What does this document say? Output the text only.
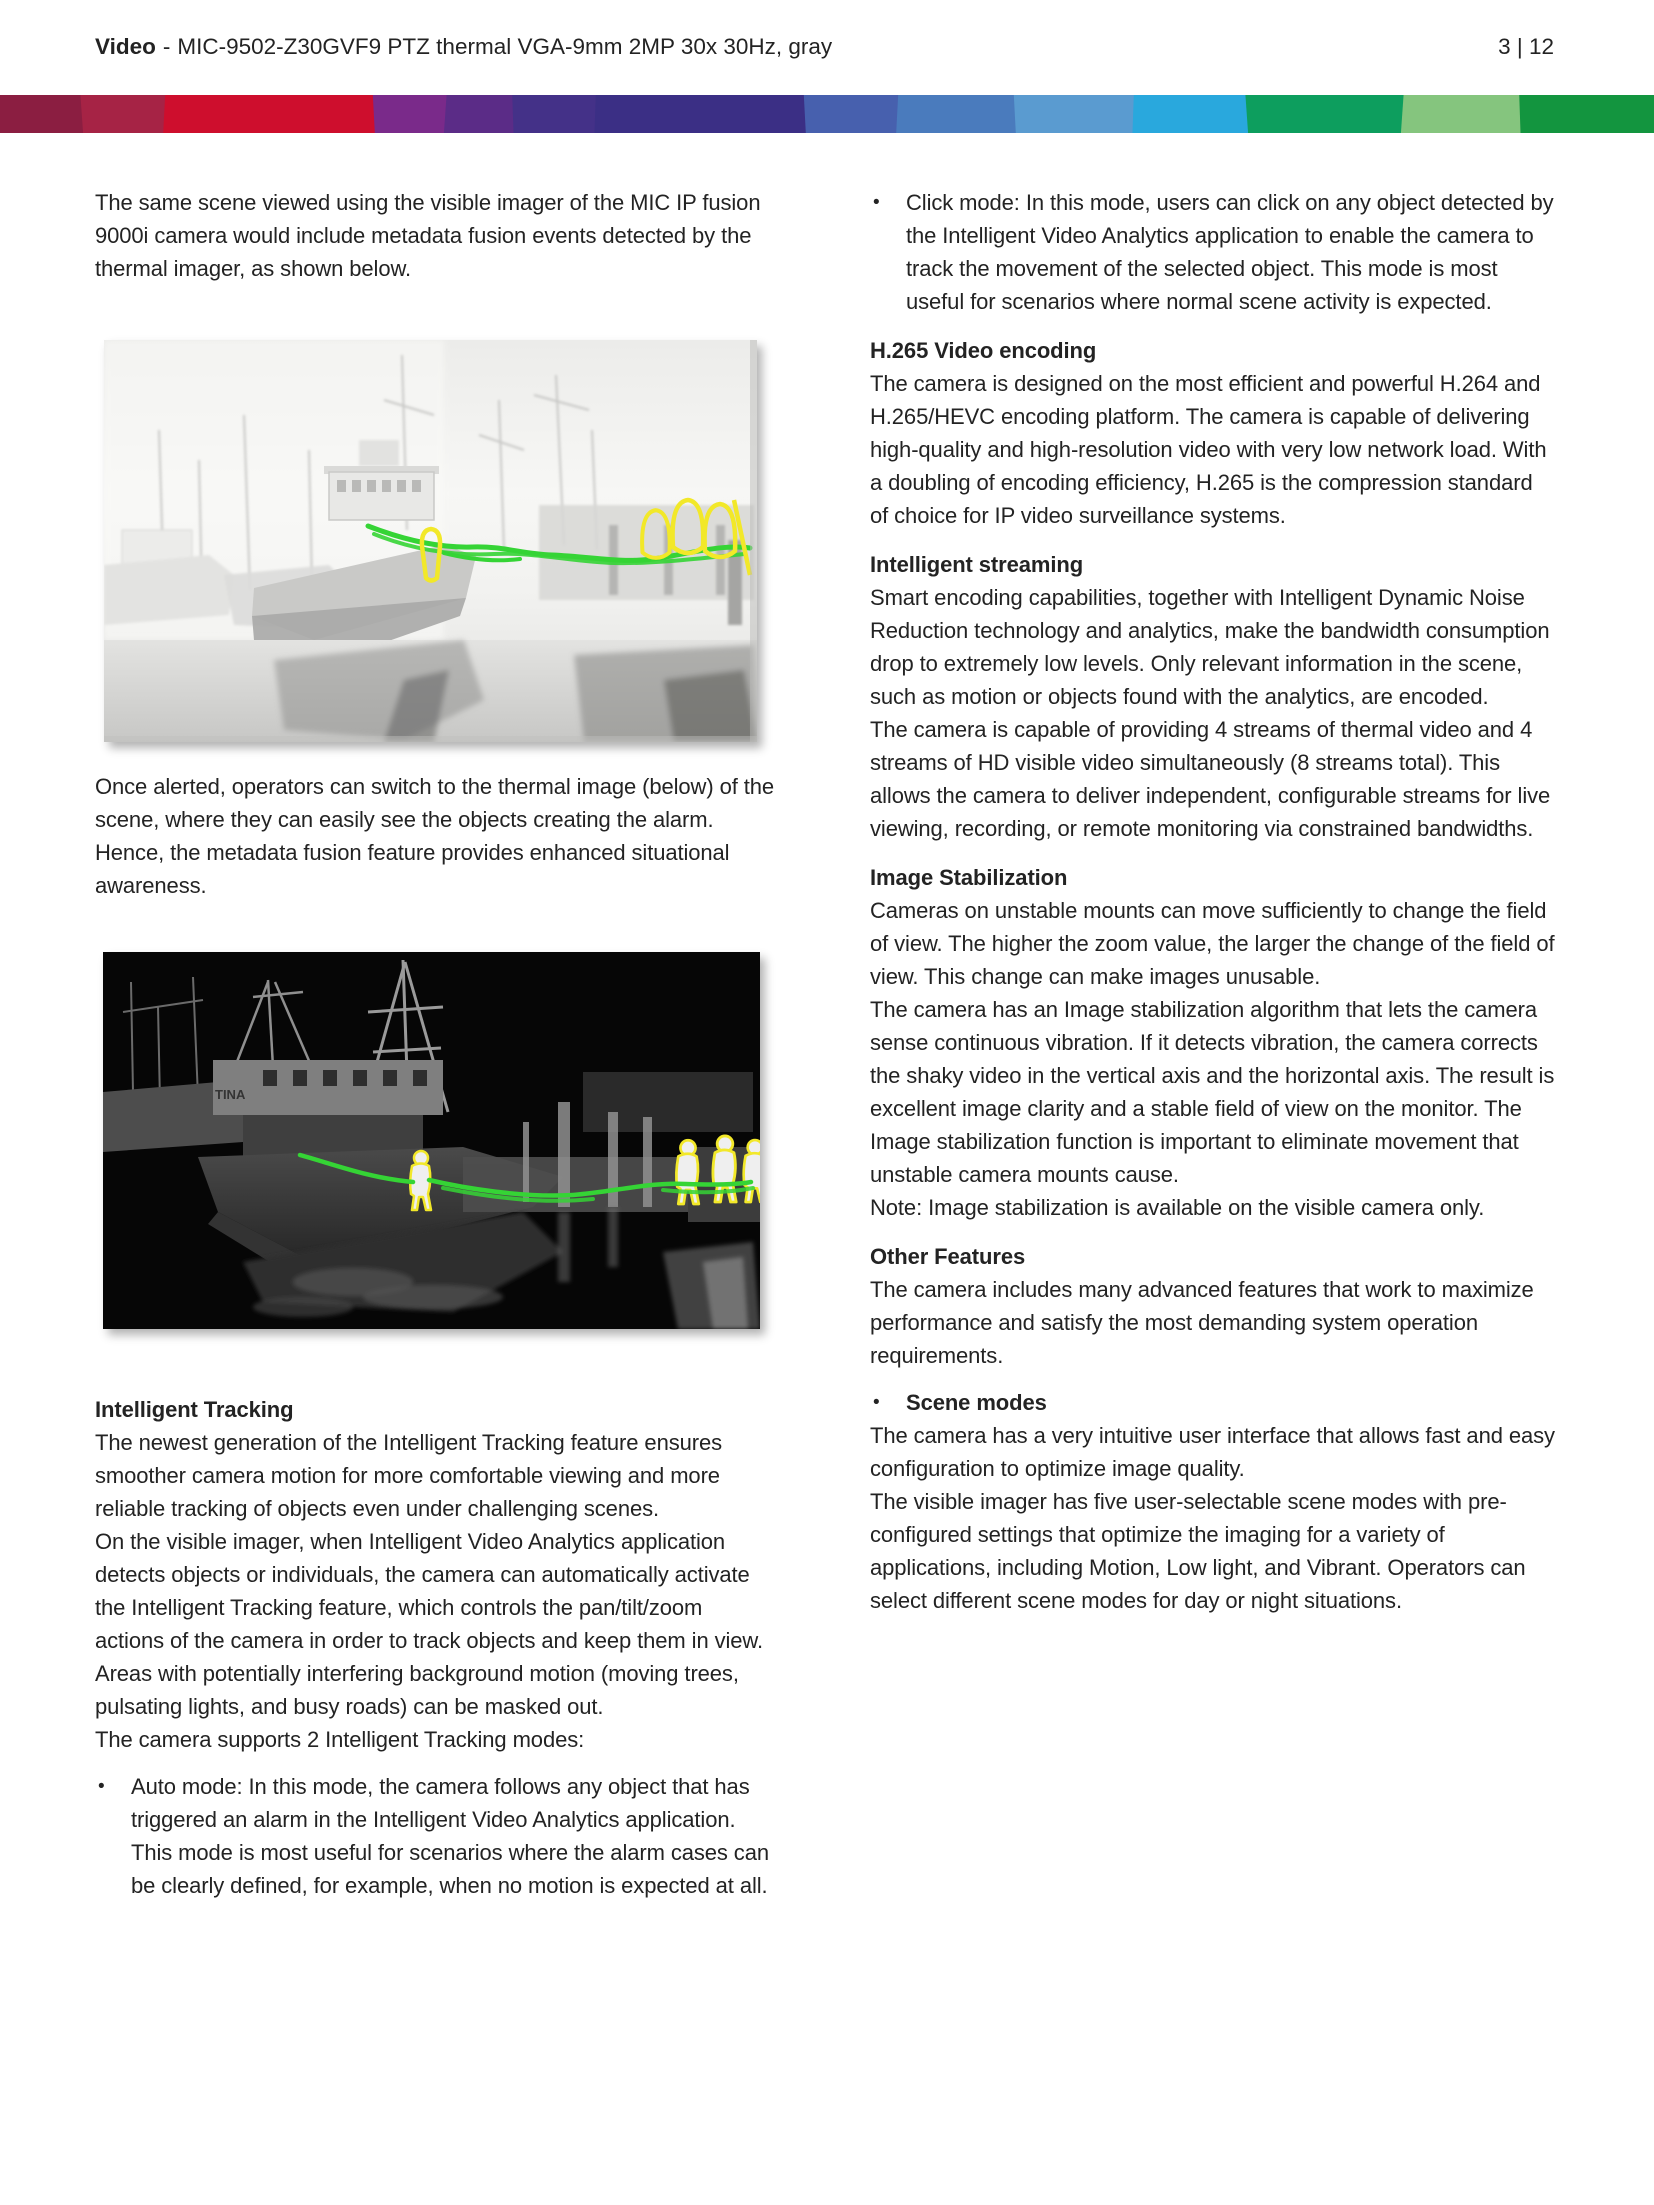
Video - MIC-9502-Z30GVF9 PTZ thermal VGA-9mm 2MP 30x 30Hz, gray	3 | 12

The same scene viewed using the visible imager of the MIC IP fusion 9000i camera would include metadata fusion events detected by the thermal imager, as shown below.

Once alerted, operators can switch to the thermal image (below) of the scene, where they can easily see the objects creating the alarm. Hence, the metadata fusion feature provides enhanced situational awareness.

TINA
Intelligent Tracking

The newest generation of the Intelligent Tracking feature ensures smoother camera motion for more comfortable viewing and more reliable tracking of objects even under challenging scenes.

On the visible imager, when Intelligent Video Analytics application detects objects or individuals, the camera can automatically activate the Intelligent Tracking feature, which controls the pan/tilt/zoom actions of the camera in order to track objects and keep them in view.

Areas with potentially interfering background motion (moving trees, pulsating lights, and busy roads) can be masked out.

The camera supports 2 Intelligent Tracking modes:

•	Auto mode: In this mode, the camera follows any object that has triggered an alarm in the Intelligent Video Analytics application. This mode is most useful for scenarios where the alarm cases can be clearly defined, for example, when no motion is expected at all.

•	Click mode: In this mode, users can click on any object detected by the Intelligent Video Analytics application to enable the camera to track the movement of the selected object. This mode is most useful for scenarios where normal scene activity is expected.

H.265 Video encoding

The camera is designed on the most efficient and powerful H.264 and H.265/HEVC encoding platform. The camera is capable of delivering high-quality and high-resolution video with very low network load. With a doubling of encoding efficiency, H.265 is the compression standard of choice for IP video surveillance systems.

Intelligent streaming

Smart encoding capabilities, together with Intelligent Dynamic Noise Reduction technology and analytics, make the bandwidth consumption drop to extremely low levels. Only relevant information in the scene, such as motion or objects found with the analytics, are encoded.

The camera is capable of providing 4 streams of thermal video and 4 streams of HD visible video simultaneously (8 streams total). This allows the camera to deliver independent, configurable streams for live viewing, recording, or remote monitoring via constrained bandwidths.

Image Stabilization

Cameras on unstable mounts can move sufficiently to change the field of view. The higher the zoom value, the larger the change of the field of view. This change can make images unusable.

The camera has an Image stabilization algorithm that lets the camera sense continuous vibration. If it detects vibration, the camera corrects the shaky video in the vertical axis and the horizontal axis. The result is excellent image clarity and a stable field of view on the monitor. The Image stabilization function is important to eliminate movement that unstable camera mounts cause.

Note: Image stabilization is available on the visible camera only.

Other Features

The camera includes many advanced features that work to maximize performance and satisfy the most demanding system operation requirements.

•	Scene modes

The camera has a very intuitive user interface that allows fast and easy configuration to optimize image quality.

The visible imager has five user-selectable scene modes with pre-configured settings that optimize the imaging for a variety of applications, including Motion, Low light, and Vibrant. Operators can select different scene modes for day or night situations.
